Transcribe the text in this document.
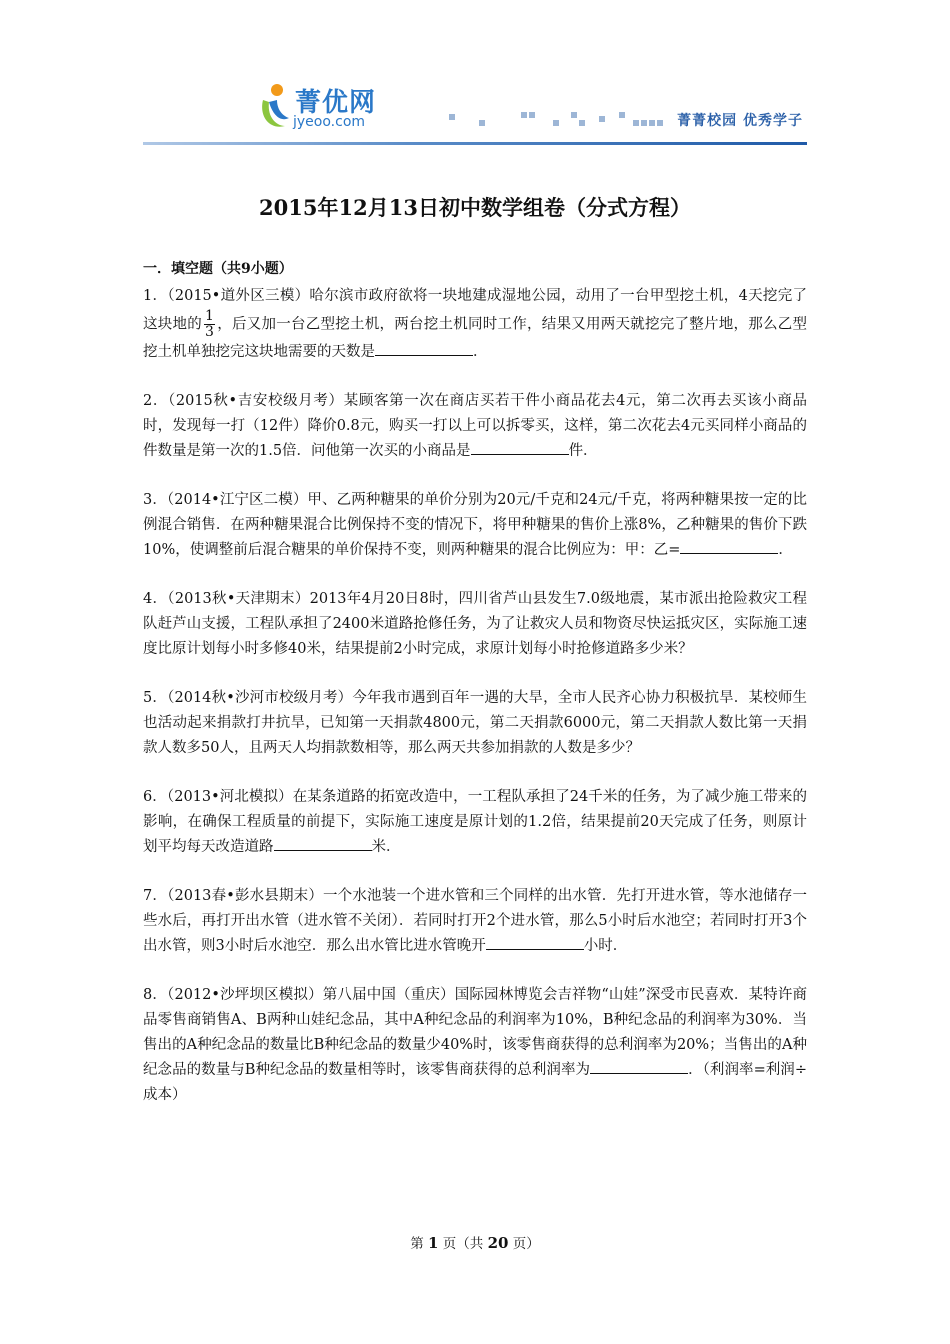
菁优网
jyeoo.com	菁菁校园 优秀学子
2015年12月13日初中数学组卷（分式方程）
一．填空题（共9小题）

1．（2015•道外区三模）哈尔滨市政府欲将一块地建成湿地公园，动用了一台甲型挖土机，4天挖完了这块地的 $\frac{1}{3}$ ，后又加一台乙型挖土机，两台挖土机同时工作，结果又用两天就挖完了整片地，那么乙型挖土机单独挖完这块地需要的天数是	．

2．（2015秋•吉安校级月考）某顾客第一次在商店买若干件小商品花去4元，第二次再去买该小商品时，发现每一打（12件）降价0.8元，购买一打以上可以拆零买，这样，第二次花去4元买同样小商品的件数量是第一次的1.5倍．问他第一次买的小商品是	件．

3．（2014•江宁区二模）甲、乙两种糖果的单价分别为20元/千克和24元/千克，将两种糖果按一定的比例混合销售．在两种糖果混合比例保持不变的情况下，将甲种糖果的售价上涨8%，乙种糖果的售价下跌10%，使调整前后混合糖果的单价保持不变，则两种糖果的混合比例应为：甲：乙=	．

4．（2013秋•天津期末）2013年4月20日8时，四川省芦山县发生7.0级地震，某市派出抢险救灾工程队赶芦山支援，工程队承担了2400米道路抢修任务，为了让救灾人员和物资尽快运抵灾区，实际施工速度比原计划每小时多修40米，结果提前2小时完成，求原计划每小时抢修道路多少米？

5．（2014秋•沙河市校级月考）今年我市遇到百年一遇的大旱，全市人民齐心协力积极抗旱．某校师生也活动起来捐款打井抗旱，已知第一天捐款4800元，第二天捐款6000元，第二天捐款人数比第一天捐款人数多50人，且两天人均捐款数相等，那么两天共参加捐款的人数是多少？

6．（2013•河北模拟）在某条道路的拓宽改造中，一工程队承担了24千米的任务，为了减少施工带来的影响，在确保工程质量的前提下，实际施工速度是原计划的1.2倍，结果提前20天完成了任务，则原计划平均每天改造道路	米．

7．（2013春•彭水县期末）一个水池装一个进水管和三个同样的出水管．先打开进水管，等水池储存一些水后，再打开出水管（进水管不关闭）．若同时打开2个进水管，那么5小时后水池空；若同时打开3个出水管，则3小时后水池空．那么出水管比进水管晚开	小时．

8．（2012•沙坪坝区模拟）第八届中国（重庆）国际园林博览会吉祥物“山娃”深受市民喜欢．某特许商品零售商销售A、B两种山娃纪念品，其中A种纪念品的利润率为10%，B种纪念品的利润率为30%．当售出的A种纪念品的数量比B种纪念品的数量少40%时，该零售商获得的总利润率为20%；当售出的A种纪念品的数量与B种纪念品的数量相等时，该零售商获得的总利润率为	．（利润率=利润÷成本）

第 1 页（共 20 页）
